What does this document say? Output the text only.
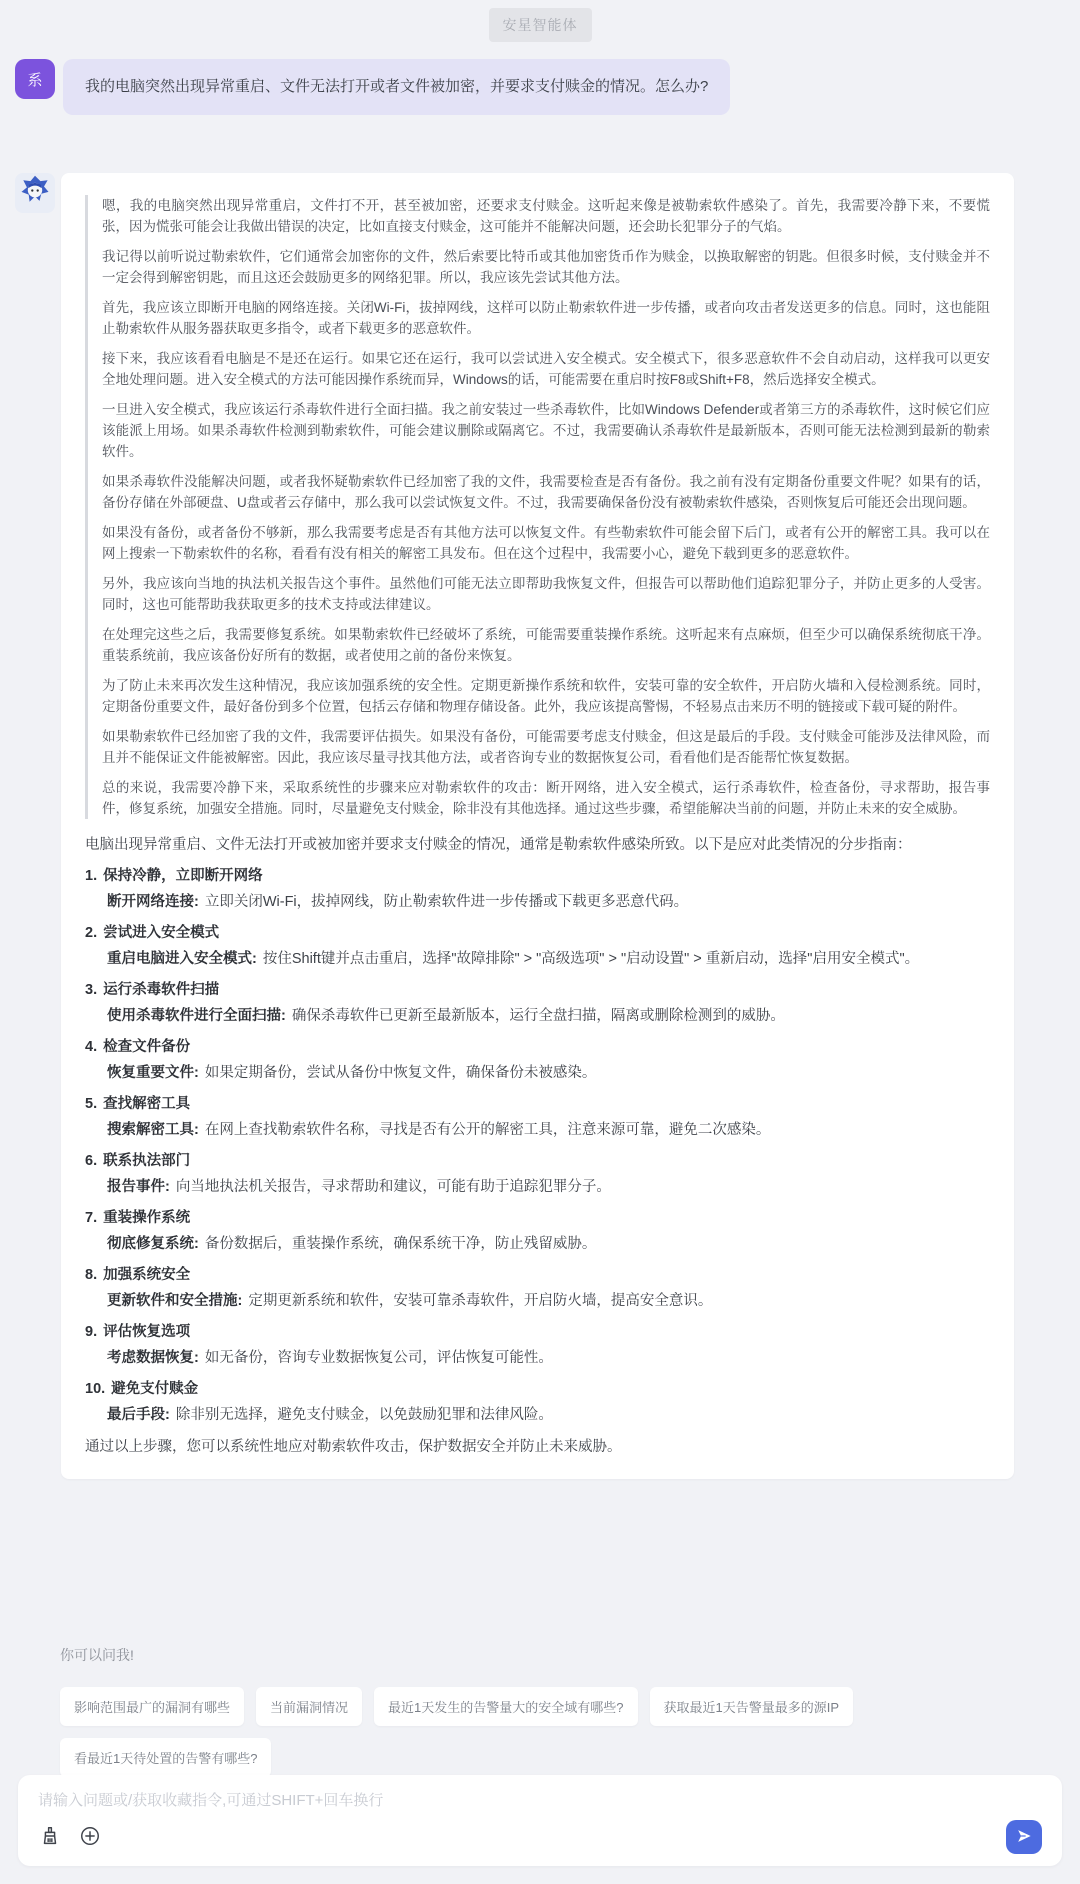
安星智能体
系	我的电脑突然出现异常重启、文件无法打开或者文件被加密，并要求支付赎金的情况。怎么办?

嗯，我的电脑突然出现异常重启，文件打不开，甚至被加密，还要求支付赎金。这听起来像是被勒索软件感染了。首先，我需要冷静下来，不要慌张，因为慌张可能会让我做出错误的决定，比如直接支付赎金，这可能并不能解决问题，还会助长犯罪分子的气焰。

我记得以前听说过勒索软件，它们通常会加密你的文件，然后索要比特币或其他加密货币作为赎金，以换取解密的钥匙。但很多时候，支付赎金并不一定会得到解密钥匙，而且这还会鼓励更多的网络犯罪。所以，我应该先尝试其他方法。

首先，我应该立即断开电脑的网络连接。关闭Wi-Fi，拔掉网线，这样可以防止勒索软件进一步传播，或者向攻击者发送更多的信息。同时，这也能阻止勒索软件从服务器获取更多指令，或者下载更多的恶意软件。

接下来，我应该看看电脑是不是还在运行。如果它还在运行，我可以尝试进入安全模式。安全模式下，很多恶意软件不会自动启动，这样我可以更安全地处理问题。进入安全模式的方法可能因操作系统而异，Windows的话，可能需要在重启时按F8或Shift+F8，然后选择安全模式。

一旦进入安全模式，我应该运行杀毒软件进行全面扫描。我之前安装过一些杀毒软件，比如Windows Defender或者第三方的杀毒软件，这时候它们应该能派上用场。如果杀毒软件检测到勒索软件，可能会建议删除或隔离它。不过，我需要确认杀毒软件是最新版本，否则可能无法检测到最新的勒索软件。

如果杀毒软件没能解决问题，或者我怀疑勒索软件已经加密了我的文件，我需要检查是否有备份。我之前有没有定期备份重要文件呢？如果有的话，备份存储在外部硬盘、U盘或者云存储中，那么我可以尝试恢复文件。不过，我需要确保备份没有被勒索软件感染，否则恢复后可能还会出现问题。

如果没有备份，或者备份不够新，那么我需要考虑是否有其他方法可以恢复文件。有些勒索软件可能会留下后门，或者有公开的解密工具。我可以在网上搜索一下勒索软件的名称，看看有没有相关的解密工具发布。但在这个过程中，我需要小心，避免下载到更多的恶意软件。

另外，我应该向当地的执法机关报告这个事件。虽然他们可能无法立即帮助我恢复文件，但报告可以帮助他们追踪犯罪分子，并防止更多的人受害。同时，这也可能帮助我获取更多的技术支持或法律建议。

在处理完这些之后，我需要修复系统。如果勒索软件已经破坏了系统，可能需要重装操作系统。这听起来有点麻烦，但至少可以确保系统彻底干净。重装系统前，我应该备份好所有的数据，或者使用之前的备份来恢复。

为了防止未来再次发生这种情况，我应该加强系统的安全性。定期更新操作系统和软件，安装可靠的安全软件，开启防火墙和入侵检测系统。同时，定期备份重要文件，最好备份到多个位置，包括云存储和物理存储设备。此外，我应该提高警惕，不轻易点击来历不明的链接或下载可疑的附件。

如果勒索软件已经加密了我的文件，我需要评估损失。如果没有备份，可能需要考虑支付赎金，但这是最后的手段。支付赎金可能涉及法律风险，而且并不能保证文件能被解密。因此，我应该尽量寻找其他方法，或者咨询专业的数据恢复公司，看看他们是否能帮忙恢复数据。

总的来说，我需要冷静下来，采取系统性的步骤来应对勒索软件的攻击：断开网络，进入安全模式，运行杀毒软件，检查备份，寻求帮助，报告事件，修复系统，加强安全措施。同时，尽量避免支付赎金，除非没有其他选择。通过这些步骤，希望能解决当前的问题，并防止未来的安全威胁。

电脑出现异常重启、文件无法打开或被加密并要求支付赎金的情况，通常是勒索软件感染所致。以下是应对此类情况的分步指南：
1. 保持冷静，立即断开网络
断开网络连接: 立即关闭Wi-Fi，拔掉网线，防止勒索软件进一步传播或下载更多恶意代码。
2. 尝试进入安全模式
重启电脑进入安全模式: 按住Shift键并点击重启，选择"故障排除" > "高级选项" > "启动设置" > 重新启动，选择"启用安全模式"。
3. 运行杀毒软件扫描
使用杀毒软件进行全面扫描: 确保杀毒软件已更新至最新版本，运行全盘扫描，隔离或删除检测到的威胁。
4. 检查文件备份
恢复重要文件: 如果定期备份，尝试从备份中恢复文件，确保备份未被感染。
5. 查找解密工具
搜索解密工具: 在网上查找勒索软件名称，寻找是否有公开的解密工具，注意来源可靠，避免二次感染。
6. 联系执法部门
报告事件: 向当地执法机关报告，寻求帮助和建议，可能有助于追踪犯罪分子。
7. 重装操作系统
彻底修复系统: 备份数据后，重装操作系统，确保系统干净，防止残留威胁。
8. 加强系统安全
更新软件和安全措施: 定期更新系统和软件，安装可靠杀毒软件，开启防火墙，提高安全意识。
9. 评估恢复选项
考虑数据恢复: 如无备份，咨询专业数据恢复公司，评估恢复可能性。
10. 避免支付赎金
最后手段: 除非别无选择，避免支付赎金，以免鼓励犯罪和法律风险。
通过以上步骤，您可以系统性地应对勒索软件攻击，保护数据安全并防止未来威胁。
你可以问我!
影响范围最广的漏洞有哪些	当前漏洞情况	最近1天发生的告警量大的安全域有哪些?	获取最近1天告警量最多的源IP
看最近1天待处置的告警有哪些?
请输入问题或/获取收藏指令,可通过SHIFT+回车换行
